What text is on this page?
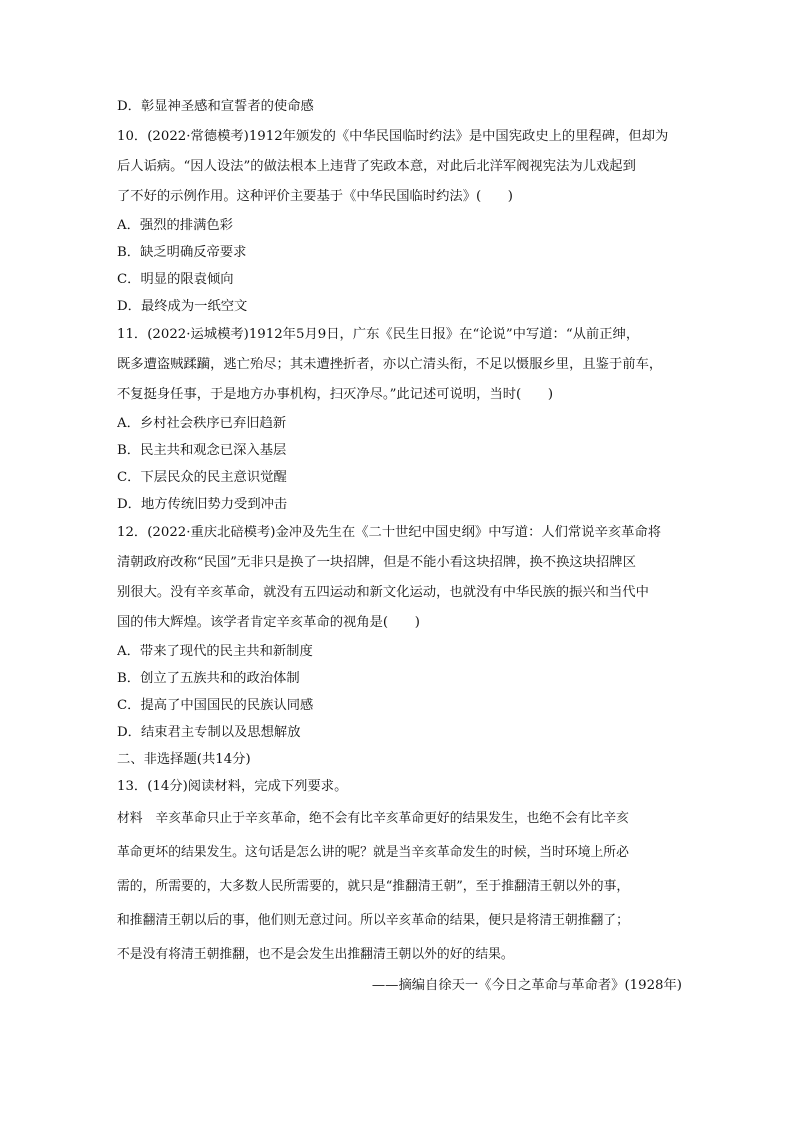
D．彰显神圣感和宣誓者的使命感
10．(2022·常德模考)1912年颁发的《中华民国临时约法》是中国宪政史上的里程碑，但却为
后人诟病。“因人设法”的做法根本上违背了宪政本意，对此后北洋军阀视宪法为儿戏起到
了不好的示例作用。这种评价主要基于《中华民国临时约法》(　　)
A．强烈的排满色彩
B．缺乏明确反帝要求
C．明显的限袁倾向
D．最终成为一纸空文
11．(2022·运城模考)1912年5月9日，广东《民生日报》在“论说”中写道：“从前正绅，
既多遭盗贼蹂躏，逃亡殆尽；其未遭挫折者，亦以亡清头衔，不足以慑服乡里，且鉴于前车，
不复挺身任事，于是地方办事机构，扫灭净尽。”此记述可说明，当时(　　)
A．乡村社会秩序已弃旧趋新
B．民主共和观念已深入基层
C．下层民众的民主意识觉醒
D．地方传统旧势力受到冲击
12．(2022·重庆北碚模考)金冲及先生在《二十世纪中国史纲》中写道：人们常说辛亥革命将
清朝政府改称“民国”无非只是换了一块招牌，但是不能小看这块招牌，换不换这块招牌区
别很大。没有辛亥革命，就没有五四运动和新文化运动，也就没有中华民族的振兴和当代中
国的伟大辉煌。该学者肯定辛亥革命的视角是(　　)
A．带来了现代的民主共和新制度
B．创立了五族共和的政治体制
C．提高了中国国民的民族认同感
D．结束君主专制以及思想解放
二、非选择题(共14分)
13．(14分)阅读材料，完成下列要求。
材料　辛亥革命只止于辛亥革命，绝不会有比辛亥革命更好的结果发生，也绝不会有比辛亥
革命更坏的结果发生。这句话是怎么讲的呢？就是当辛亥革命发生的时候，当时环境上所必
需的，所需要的，大多数人民所需要的，就只是“推翻清王朝”，至于推翻清王朝以外的事，
和推翻清王朝以后的事，他们则无意过问。所以辛亥革命的结果，便只是将清王朝推翻了；
不是没有将清王朝推翻，也不是会发生出推翻清王朝以外的好的结果。
——摘编自徐天一《今日之革命与革命者》(1928年)
